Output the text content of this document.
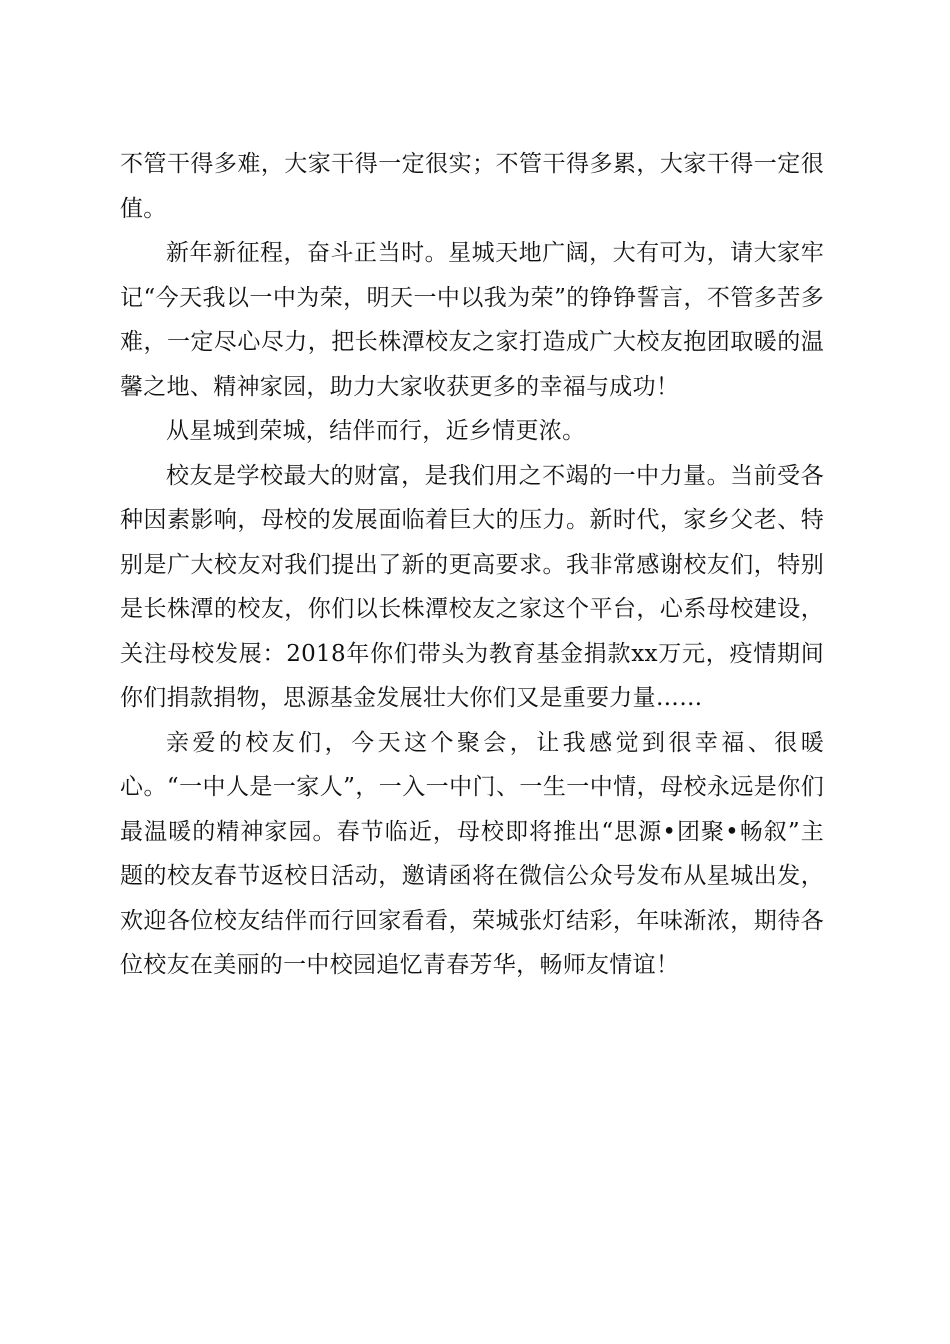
不管干得多难，大家干得一定很实；不管干得多累，大家干得一定很值。

新年新征程，奋斗正当时。星城天地广阔，大有可为，请大家牢记“今天我以一中为荣，明天一中以我为荣”的铮铮誓言，不管多苦多难，一定尽心尽力，把长株潭校友之家打造成广大校友抱团取暖的温馨之地、精神家园，助力大家收获更多的幸福与成功！

从星城到荣城，结伴而行，近乡情更浓。

校友是学校最大的财富，是我们用之不竭的一中力量。当前受各种因素影响，母校的发展面临着巨大的压力。新时代，家乡父老、特别是广大校友对我们提出了新的更高要求。我非常感谢校友们，特别是长株潭的校友，你们以长株潭校友之家这个平台，心系母校建设，关注母校发展：2018年你们带头为教育基金捐款xx万元，疫情期间你们捐款捐物，思源基金发展壮大你们又是重要力量……

亲爱的校友们，今天这个聚会，让我感觉到很幸福、很暖心。“一中人是一家人”，一入一中门、一生一中情，母校永远是你们最温暖的精神家园。春节临近，母校即将推出“思源•团聚•畅叙”主题的校友春节返校日活动，邀请函将在微信公众号发布从星城出发，欢迎各位校友结伴而行回家看看，荣城张灯结彩，年味渐浓，期待各位校友在美丽的一中校园追忆青春芳华，畅师友情谊！
